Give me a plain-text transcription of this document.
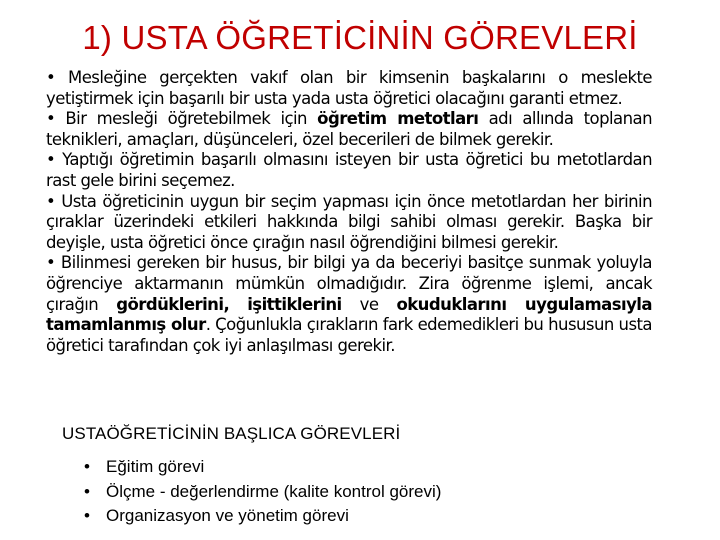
1) USTA ÖĞRETİCİNİN GÖREVLERİ

• Mesleğine gerçekten vakıf olan bir kimsenin başkalarını o meslekte yetiştirmek için başarılı bir usta yada usta öğretici olacağını garanti etmez.

• Bir mesleği öğretebilmek için öğretim metotları adı allında toplanan teknikleri, amaçları, düşünceleri, özel becerileri de bilmek gerekir.

• Yaptığı öğretimin başarılı olmasını isteyen bir usta öğretici bu metotlardan rast gele birini seçemez.

• Usta öğreticinin uygun bir seçim yapması için önce metotlardan her birinin çıraklar üzerindeki etkileri hakkında bilgi sahibi olması gerekir. Başka bir deyişle, usta öğretici önce çırağın nasıl öğrendiğini bilmesi gerekir.

• Bilinmesi gereken bir husus, bir bilgi ya da beceriyi basitçe sunmak yoluyla öğrenciye aktarmanın mümkün olmadığıdır. Zira öğrenme işlemi, ancak çırağın gördüklerini, işittiklerini ve okuduklarını uygulamasıyla tamamlanmış olur. Çoğunlukla çırakların fark edemedikleri bu hususun usta öğretici tarafından çok iyi anlaşılması gerekir.

USTAÖĞRETİCİNİN BAŞLICA GÖREVLERİ
• Eğitim görevi
• Ölçme - değerlendirme (kalite kontrol görevi)
• Organizasyon ve yönetim görevi
